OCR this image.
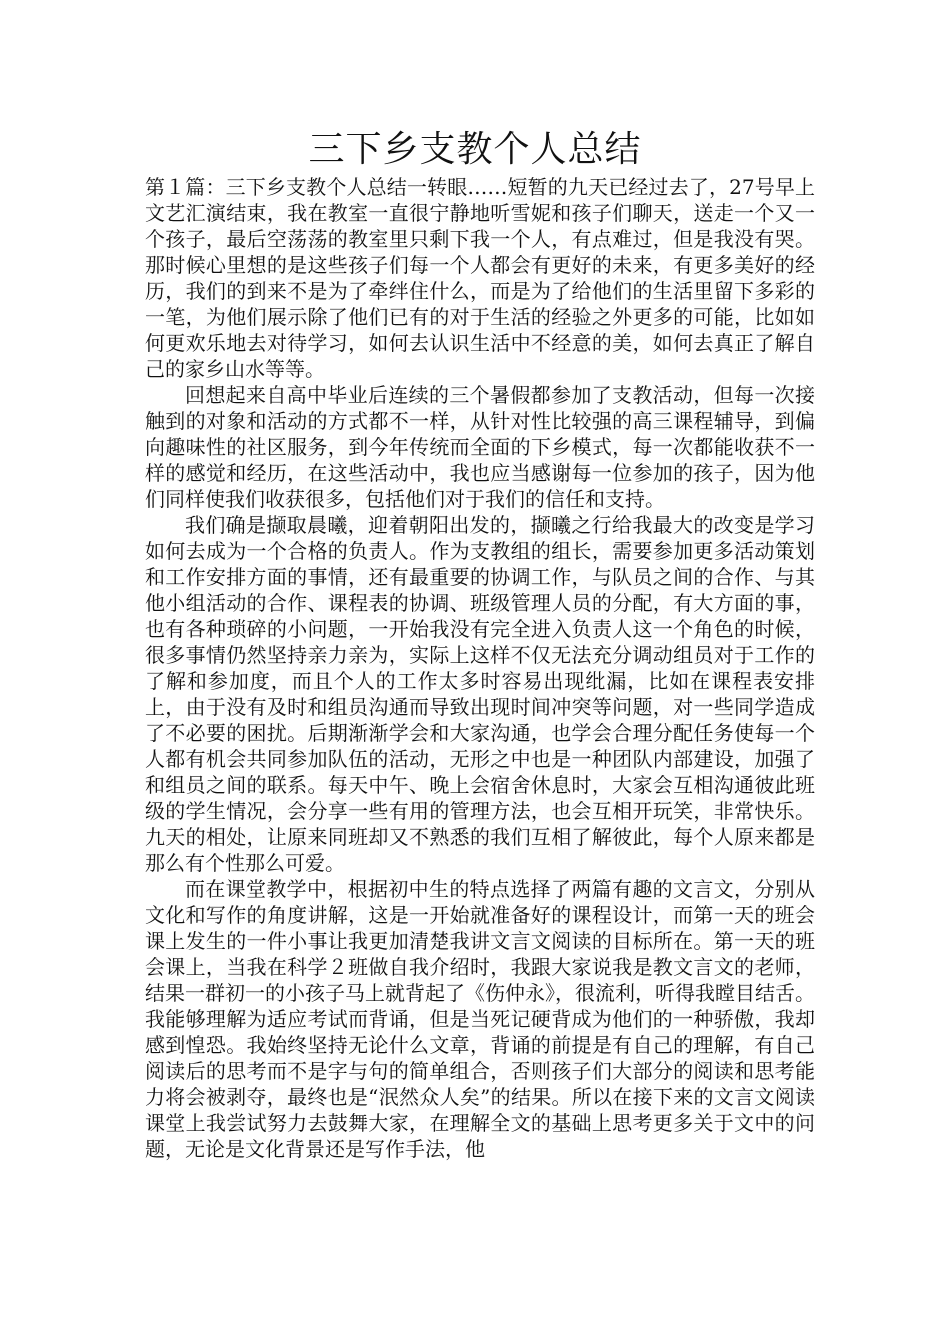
三下乡支教个人总结

第１篇：三下乡支教个人总结一转眼……短暂的九天已经过去了，27号早上文艺汇演结束，我在教室一直很宁静地听雪妮和孩子们聊天，送走一个又一个孩子，最后空荡荡的教室里只剩下我一个人，有点难过，但是我没有哭。那时候心里想的是这些孩子们每一个人都会有更好的未来，有更多美好的经历，我们的到来不是为了牵绊住什么，而是为了给他们的生活里留下多彩的一笔，为他们展示除了他们已有的对于生活的经验之外更多的可能，比如如何更欢乐地去对待学习，如何去认识生活中不经意的美，如何去真正了解自己的家乡山水等等。

回想起来自高中毕业后连续的三个暑假都参加了支教活动，但每一次接触到的对象和活动的方式都不一样，从针对性比较强的高三课程辅导，到偏向趣味性的社区服务，到今年传统而全面的下乡模式，每一次都能收获不一样的感觉和经历，在这些活动中，我也应当感谢每一位参加的孩子，因为他们同样使我们收获很多，包括他们对于我们的信任和支持。

我们确是撷取晨曦，迎着朝阳出发的，撷曦之行给我最大的改变是学习如何去成为一个合格的负责人。作为支教组的组长，需要参加更多活动策划和工作安排方面的事情，还有最重要的协调工作，与队员之间的合作、与其他小组活动的合作、课程表的协调、班级管理人员的分配，有大方面的事，也有各种琐碎的小问题，一开始我没有完全进入负责人这一个角色的时候，很多事情仍然坚持亲力亲为，实际上这样不仅无法充分调动组员对于工作的了解和参加度，而且个人的工作太多时容易出现纰漏，比如在课程表安排上，由于没有及时和组员沟通而导致出现时间冲突等问题，对一些同学造成了不必要的困扰。后期渐渐学会和大家沟通，也学会合理分配任务使每一个人都有机会共同参加队伍的活动，无形之中也是一种团队内部建设，加强了和组员之间的联系。每天中午、晚上会宿舍休息时，大家会互相沟通彼此班级的学生情况，会分享一些有用的管理方法，也会互相开玩笑，非常快乐。九天的相处，让原来同班却又不熟悉的我们互相了解彼此，每个人原来都是那么有个性那么可爱。

而在课堂教学中，根据初中生的特点选择了两篇有趣的文言文，分别从文化和写作的角度讲解，这是一开始就准备好的课程设计，而第一天的班会课上发生的一件小事让我更加清楚我讲文言文阅读的目标所在。第一天的班会课上，当我在科学２班做自我介绍时，我跟大家说我是教文言文的老师，结果一群初一的小孩子马上就背起了《伤仲永》，很流利，听得我瞠目结舌。我能够理解为适应考试而背诵，但是当死记硬背成为他们的一种骄傲，我却感到惶恐。我始终坚持无论什么文章，背诵的前提是有自己的理解，有自己阅读后的思考而不是字与句的简单组合，否则孩子们大部分的阅读和思考能力将会被剥夺，最终也是“泯然众人矣”的结果。所以在接下来的文言文阅读课堂上我尝试努力去鼓舞大家，在理解全文的基础上思考更多关于文中的问题，无论是文化背景还是写作手法，他
